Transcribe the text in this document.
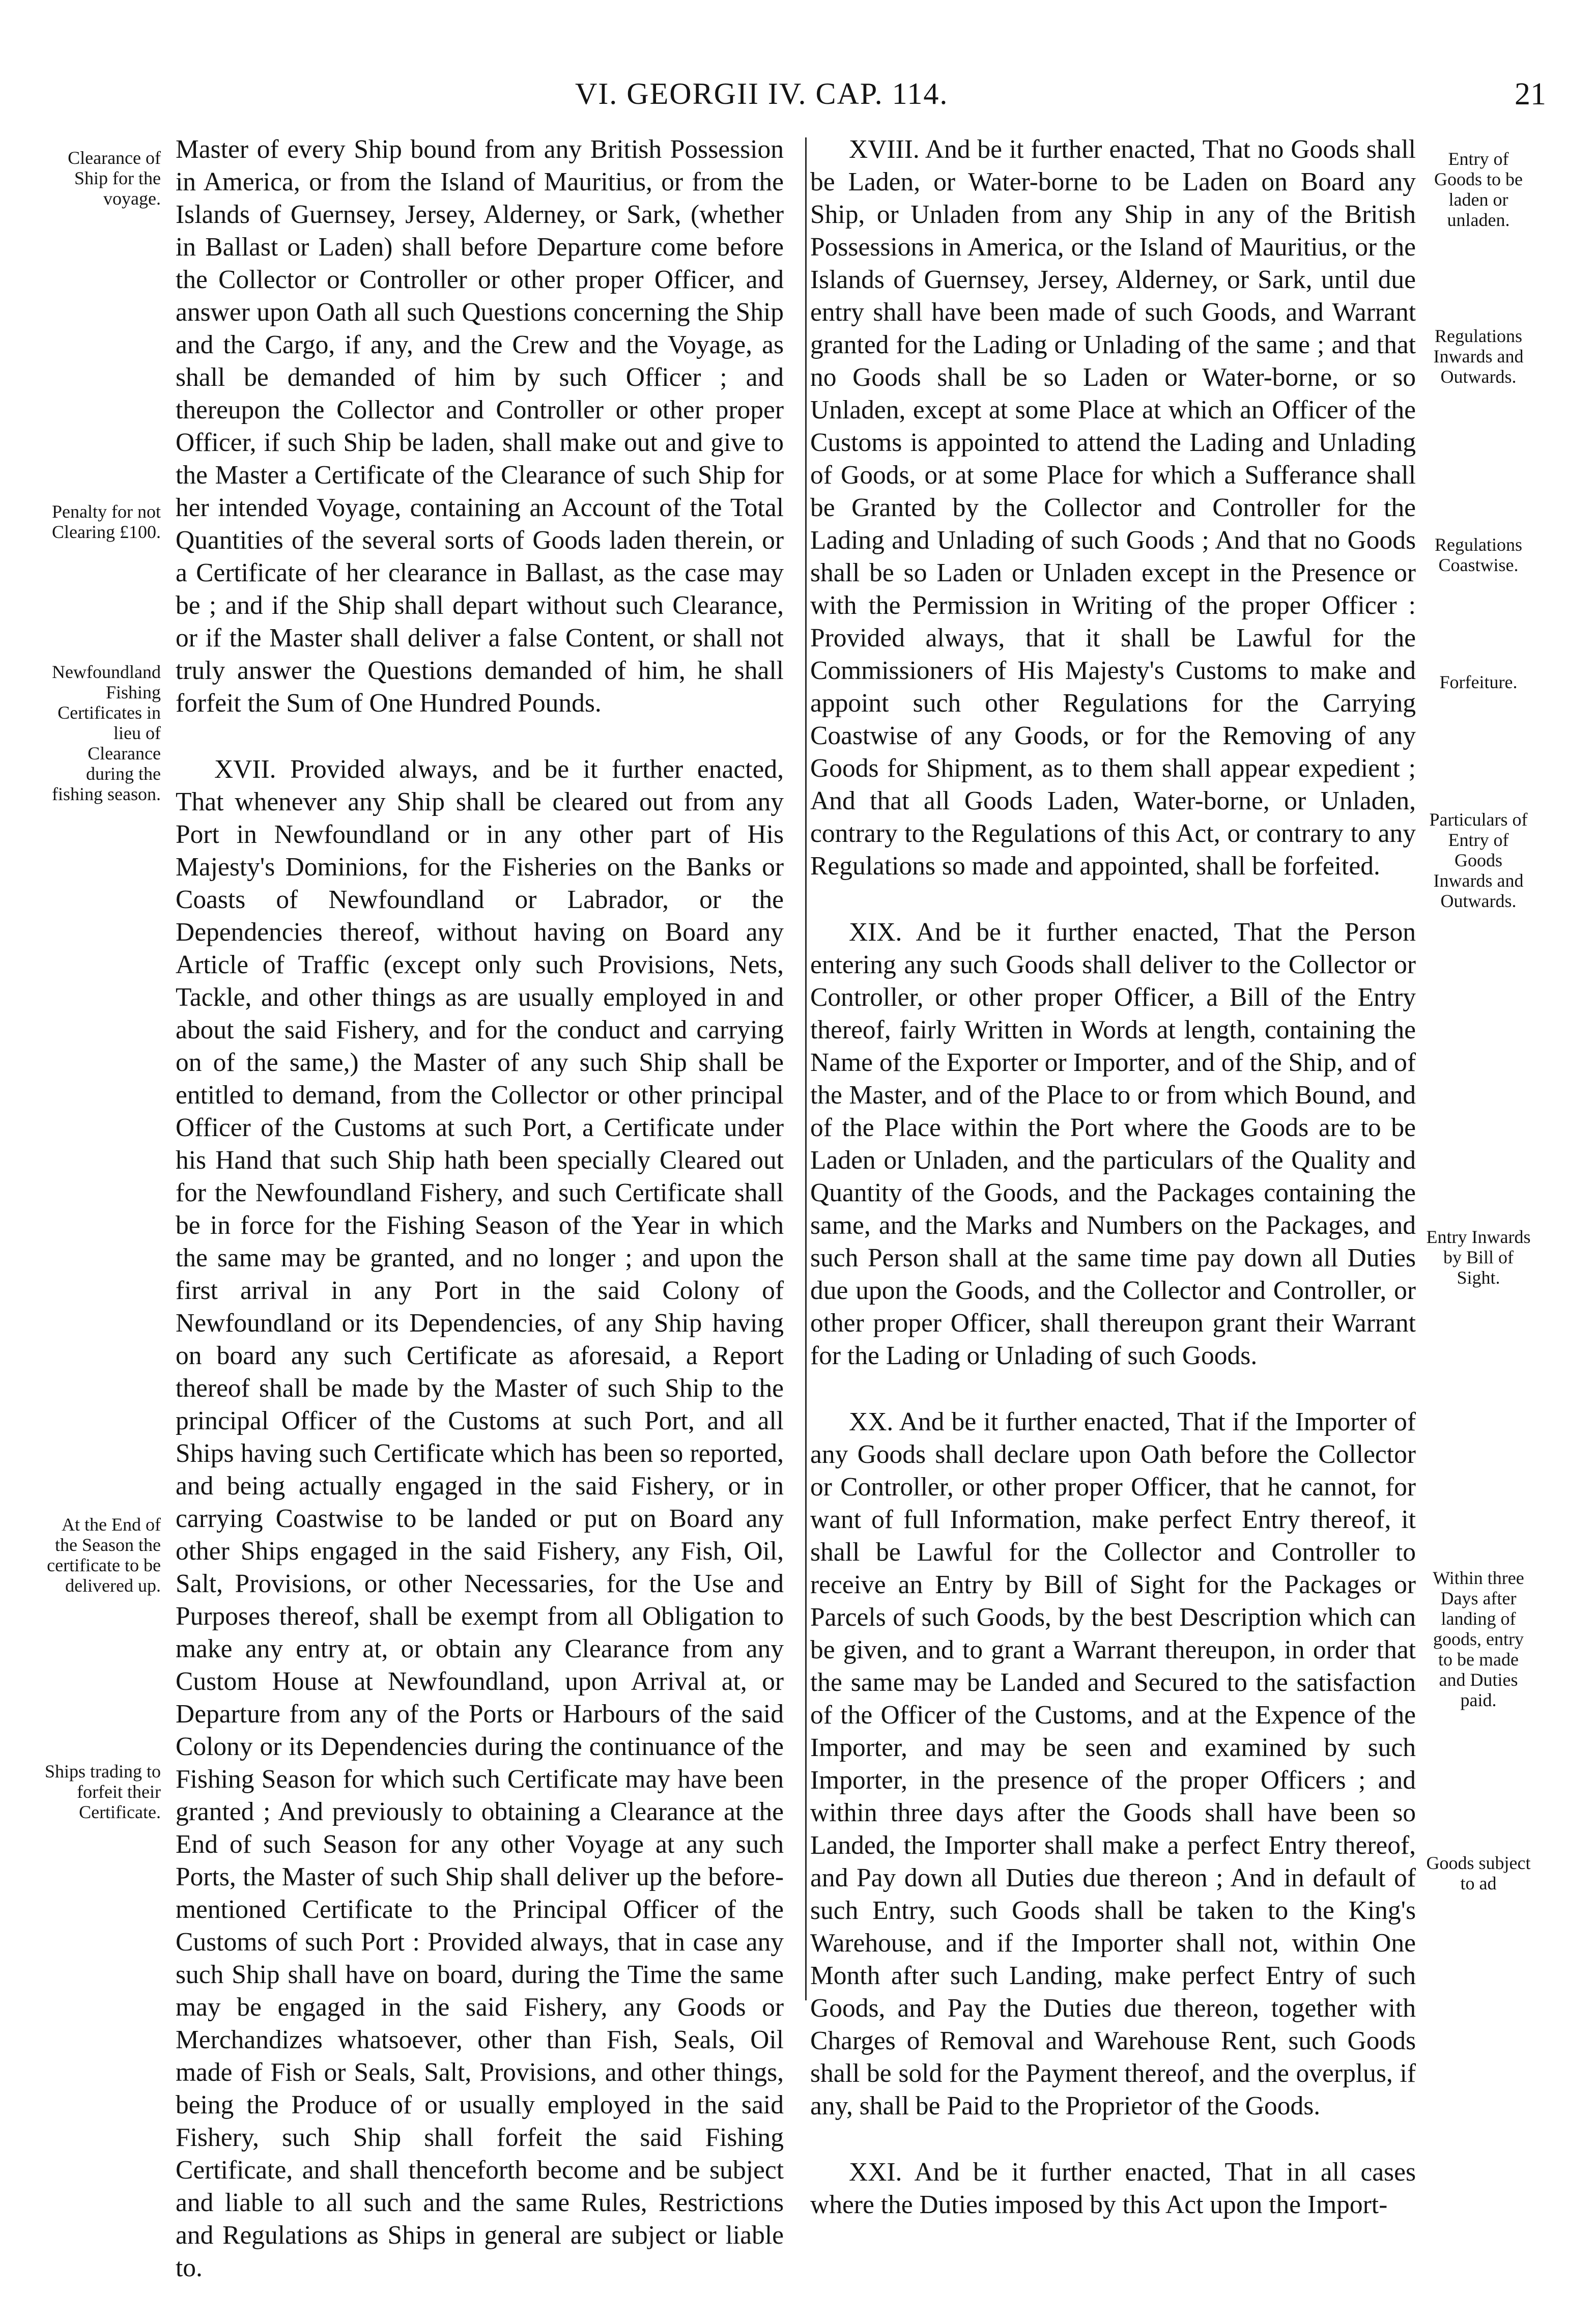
VI. GEORGII IV. CAP. 114.	21

Master of every Ship bound from any British Possession in America, or from the Island of Mauritius, or from the Islands of Guernsey, Jersey, Alderney, or Sark, (whether in Ballast or Laden) shall before Departure come before the Collector or Controller or other proper Officer, and answer upon Oath all such Questions concerning the Ship and the Cargo, if any, and the Crew and the Voyage, as shall be demanded of him by such Officer ; and thereupon the Collector and Controller or other proper Officer, if such Ship be laden, shall make out and give to the Master a Certificate of the Clearance of such Ship for her intended Voyage, containing an Account of the Total Quantities of the several sorts of Goods laden therein, or a Certificate of her clearance in Ballast, as the case may be ; and if the Ship shall depart without such Clearance, or if the Master shall deliver a false Content, or shall not truly answer the Questions demanded of him, he shall forfeit the Sum of One Hundred Pounds.

XVII. Provided always, and be it further enacted, That whenever any Ship shall be cleared out from any Port in Newfoundland or in any other part of His Majesty's Dominions, for the Fisheries on the Banks or Coasts of Newfoundland or Labrador, or the Dependencies thereof, without having on Board any Article of Traffic (except only such Provisions, Nets, Tackle, and other things as are usually employed in and about the said Fishery, and for the conduct and carrying on of the same,) the Master of any such Ship shall be entitled to demand, from the Collector or other principal Officer of the Customs at such Port, a Certificate under his Hand that such Ship hath been specially Cleared out for the Newfoundland Fishery, and such Certificate shall be in force for the Fishing Season of the Year in which the same may be granted, and no longer ; and upon the first arrival in any Port in the said Colony of Newfoundland or its Dependencies, of any Ship having on board any such Certificate as aforesaid, a Report thereof shall be made by the Master of such Ship to the principal Officer of the Customs at such Port, and all Ships having such Certificate which has been so reported, and being actually engaged in the said Fishery, or in carrying Coastwise to be landed or put on Board any other Ships engaged in the said Fishery, any Fish, Oil, Salt, Provisions, or other Necessaries, for the Use and Purposes thereof, shall be exempt from all Obligation to make any entry at, or obtain any Clearance from any Custom House at Newfoundland, upon Arrival at, or Departure from any of the Ports or Harbours of the said Colony or its Dependencies during the continuance of the Fishing Season for which such Certificate may have been granted ; And previously to obtaining a Clearance at the End of such Season for any other Voyage at any such Ports, the Master of such Ship shall deliver up the before-mentioned Certificate to the Principal Officer of the Customs of such Port : Provided always, that in case any such Ship shall have on board, during the Time the same may be engaged in the said Fishery, any Goods or Merchandizes whatsoever, other than Fish, Seals, Oil made of Fish or Seals, Salt, Provisions, and other things, being the Produce of or usually employed in the said Fishery, such Ship shall forfeit the said Fishing Certificate, and shall thenceforth become and be subject and liable to all such and the same Rules, Restrictions and Regulations as Ships in general are subject or liable to.

XVIII. And be it further enacted, That no Goods shall be Laden, or Water-borne to be Laden on Board any Ship, or Unladen from any Ship in any of the British Possessions in America, or the Island of Mauritius, or the Islands of Guernsey, Jersey, Alderney, or Sark, until due entry shall have been made of such Goods, and Warrant granted for the Lading or Unlading of the same ; and that no Goods shall be so Laden or Water-borne, or so Unladen, except at some Place at which an Officer of the Customs is appointed to attend the Lading and Unlading of Goods, or at some Place for which a Sufferance shall be Granted by the Collector and Controller for the Lading and Unlading of such Goods ; And that no Goods shall be so Laden or Unladen except in the Presence or with the Permission in Writing of the proper Officer : Provided always, that it shall be Lawful for the Commissioners of His Majesty's Customs to make and appoint such other Regulations for the Carrying Coastwise of any Goods, or for the Removing of any Goods for Shipment, as to them shall appear expedient ; And that all Goods Laden, Water-borne, or Unladen, contrary to the Regulations of this Act, or contrary to any Regulations so made and appointed, shall be forfeited.

XIX. And be it further enacted, That the Person entering any such Goods shall deliver to the Collector or Controller, or other proper Officer, a Bill of the Entry thereof, fairly Written in Words at length, containing the Name of the Exporter or Importer, and of the Ship, and of the Master, and of the Place to or from which Bound, and of the Place within the Port where the Goods are to be Laden or Unladen, and the particulars of the Quality and Quantity of the Goods, and the Packages containing the same, and the Marks and Numbers on the Packages, and such Person shall at the same time pay down all Duties due upon the Goods, and the Collector and Controller, or other proper Officer, shall thereupon grant their Warrant for the Lading or Unlading of such Goods.

XX. And be it further enacted, That if the Importer of any Goods shall declare upon Oath before the Collector or Controller, or other proper Officer, that he cannot, for want of full Information, make perfect Entry thereof, it shall be Lawful for the Collector and Controller to receive an Entry by Bill of Sight for the Packages or Parcels of such Goods, by the best Description which can be given, and to grant a Warrant thereupon, in order that the same may be Landed and Secured to the satisfaction of the Officer of the Customs, and at the Expence of the Importer, and may be seen and examined by such Importer, in the presence of the proper Officers ; and within three days after the Goods shall have been so Landed, the Importer shall make a perfect Entry thereof, and Pay down all Duties due thereon ; And in default of such Entry, such Goods shall be taken to the King's Warehouse, and if the Importer shall not, within One Month after such Landing, make perfect Entry of such Goods, and Pay the Duties due thereon, together with Charges of Removal and Warehouse Rent, such Goods shall be sold for the Payment thereof, and the overplus, if any, shall be Paid to the Proprietor of the Goods.

XXI. And be it further enacted, That in all cases where the Duties imposed by this Act upon the Import-

Clearance of Ship for the voyage.
Penalty for not Clearing £100.
Newfoundland Fishing Certificates in lieu of Clearance during the fishing season.
At the End of the Season the certificate to be delivered up.
Ships trading to forfeit their Certificate.
Entry of Goods to be laden or unladen.
Regulations Inwards and Outwards.
Regulations Coastwise.
Forfeiture.
Particulars of Entry of Goods Inwards and Outwards.
Entry Inwards by Bill of Sight.
Within three Days after landing of goods, entry to be made and Duties paid.
Goods subject to ad
